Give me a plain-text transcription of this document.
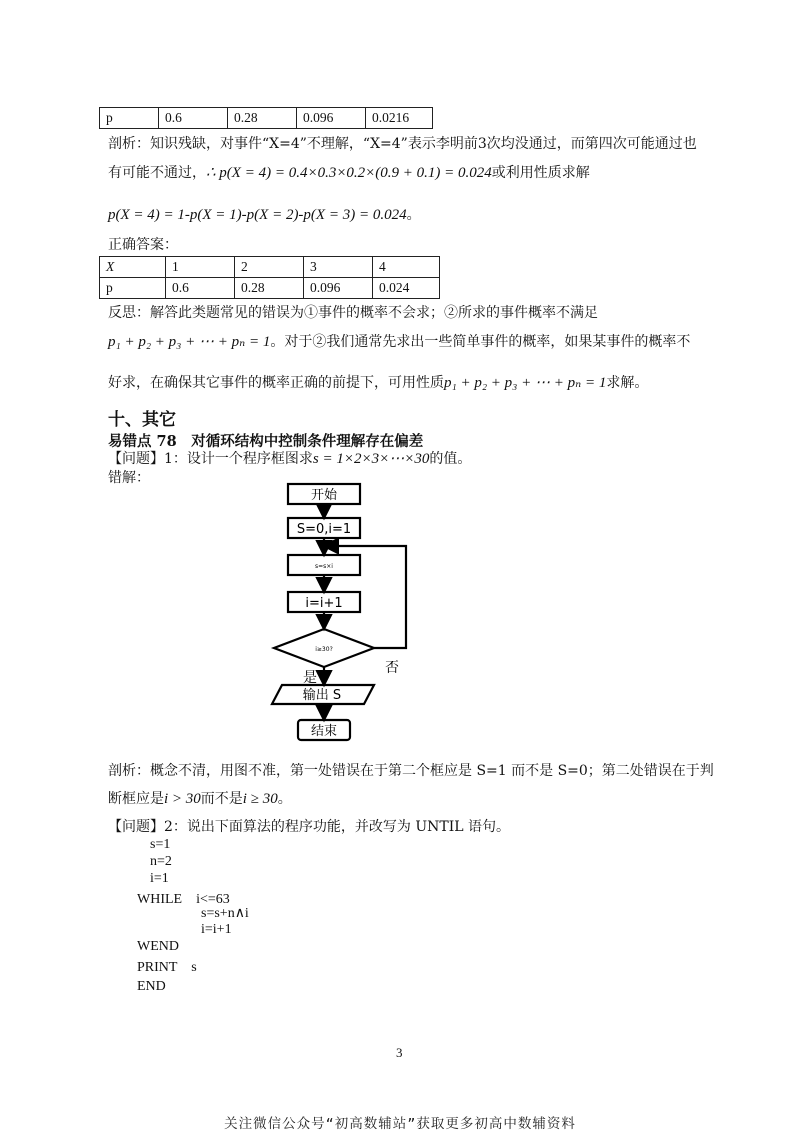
p	0.6	0.28	0.096	0.0216
剖析：知识残缺，对事件“X=4”不理解，“X=4”表示李明前3次均没通过，而第四次可能通过也
有可能不通过，∴ p(X = 4) = 0.4×0.3×0.2×(0.9 + 0.1) = 0.024或利用性质求解
p(X = 4) = 1-p(X = 1)-p(X = 2)-p(X = 3) = 0.024。
正确答案：
X	1	2	3	4
p	0.6	0.28	0.096	0.024
反思：解答此类题常见的错误为①事件的概率不会求；②所求的事件概率不满足
p₁ + p₂ + p₃ + ⋯ + pₙ = 1。对于②我们通常先求出一些简单事件的概率，如果某事件的概率不
好求，在确保其它事件的概率正确的前提下，可用性质p₁ + p₂ + p₃ + ⋯ + pₙ = 1求解。
十、其它
易错点 78　对循环结构中控制条件理解存在偏差
【问题】1：设计一个程序框图求s = 1×2×3×⋯×30的值。
错解：
开始
S=0,i=1
s=s×i
i=i+1
i≥30?
是
否
输出 S
结束
剖析：概念不清，用图不准，第一处错误在于第二个框应是 S=1 而不是 S=0；第二处错误在于判
断框应是i > 30而不是i ≥ 30。
【问题】2：说出下面算法的程序功能，并改写为 UNTIL 语句。
s=1
n=2
i=1
WHILE　i<=63
s=s+n∧i
i=i+1
WEND
PRINT　s
END
3
关注微信公众号“初高数辅站”获取更多初高中数辅资料
